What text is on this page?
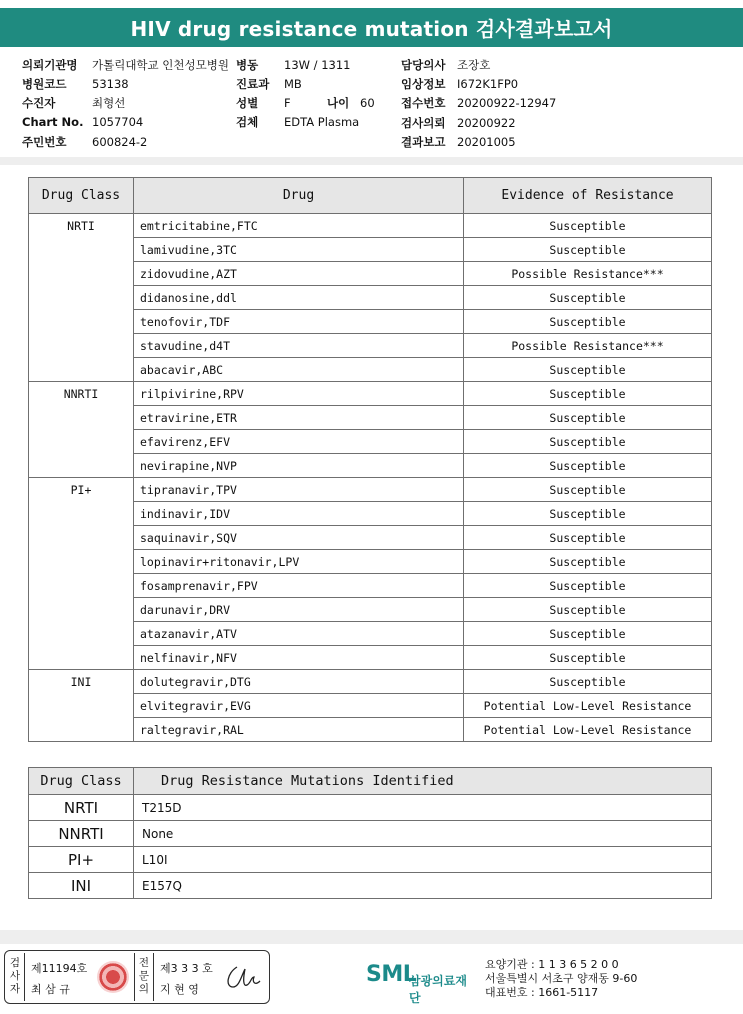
HIV drug resistance mutation 검사결과보고서
의뢰기관명 가톨릭대학교 인천성모병원
병원코드 53138
수진자	최형선
Chart No. 1057704
주민번호 600824-2
병동 13W / 1311
진료과 MB
성별 F	나이 60
검체 EDTA Plasma
담당의사 조장호
임상정보 I672K1FP0
접수번호 20200922-12947
검사의뢰 20200922
결과보고 20201005
Drug Class	Drug	Evidence of Resistance
NRTI	emtricitabine,FTC	Susceptible
	lamivudine,3TC	Susceptible
	zidovudine,AZT	Possible Resistance***
	didanosine,ddl	Susceptible
	tenofovir,TDF	Susceptible
	stavudine,d4T	Possible Resistance***
	abacavir,ABC	Susceptible
NNRTI	rilpivirine,RPV	Susceptible
	etravirine,ETR	Susceptible
	efavirenz,EFV	Susceptible
	nevirapine,NVP	Susceptible
PI+	tipranavir,TPV	Susceptible
	indinavir,IDV	Susceptible
	saquinavir,SQV	Susceptible
	lopinavir+ritonavir,LPV	Susceptible
	fosamprenavir,FPV	Susceptible
	darunavir,DRV	Susceptible
	atazanavir,ATV	Susceptible
	nelfinavir,NFV	Susceptible
INI	dolutegravir,DTG	Susceptible
	elvitegravir,EVG	Potential Low-Level Resistance
	raltegravir,RAL	Potential Low-Level Resistance
Drug Class	Drug Resistance Mutations Identified
NRTI	T215D
NNRTI	None
PI+	L10I
INI	E157Q
검사자
제11194호
최 삼 규
전문의
제3 3 3 호
지 현 영
SML
삼광의료재단
요양기관 : 1 1 3 6 5 2 0 0
서울특별시 서초구 양재동 9-60
대표번호 : 1661-5117
